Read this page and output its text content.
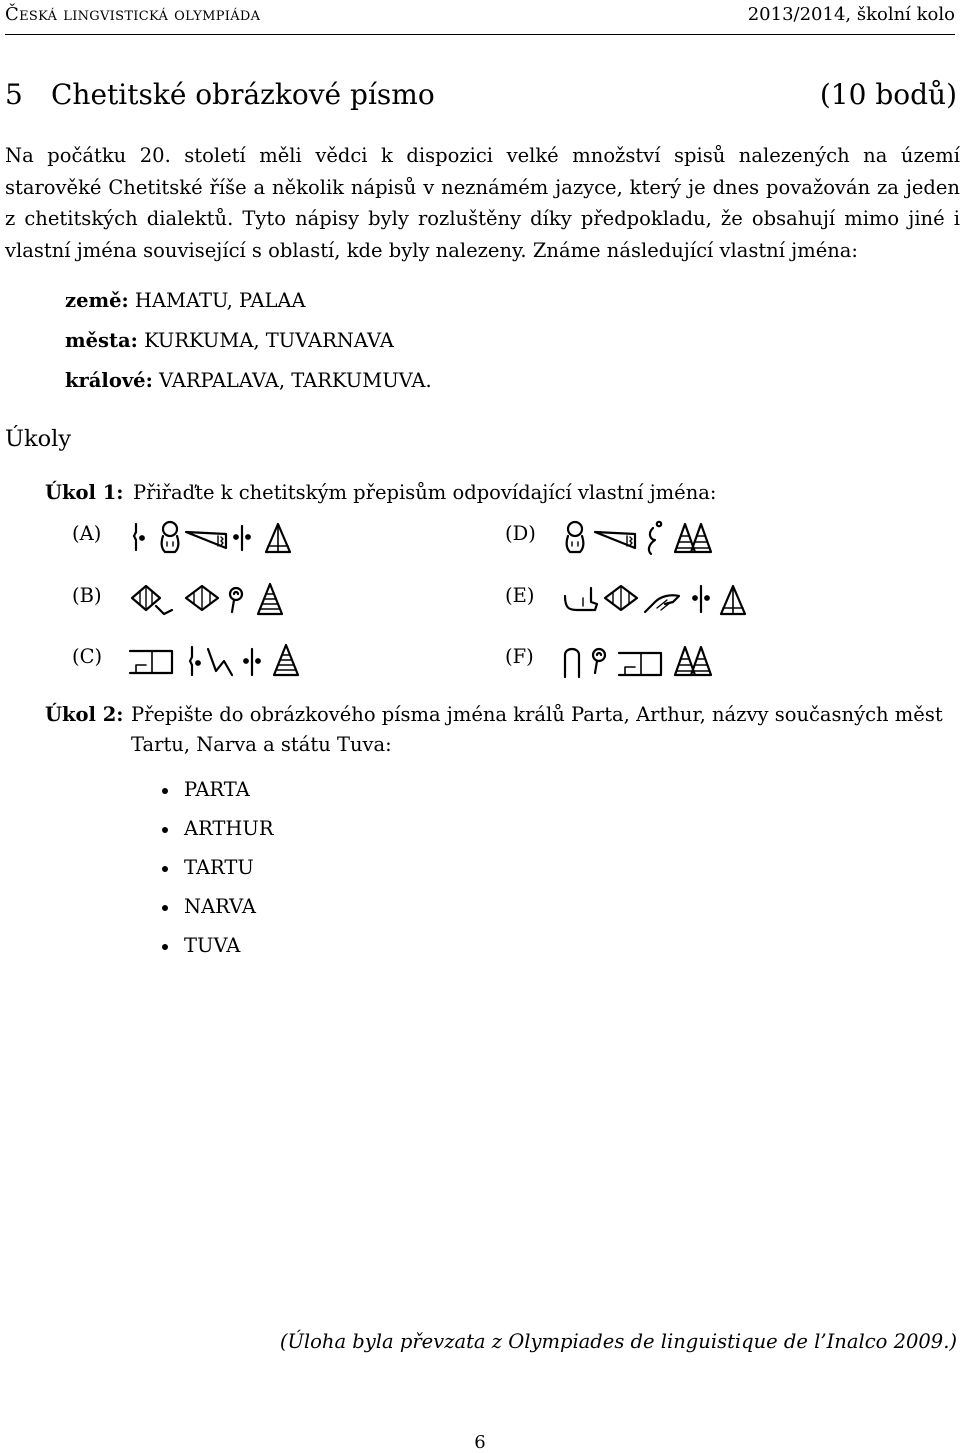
Česká lingvistická olympiáda	2013/2014, školní kolo
5 Chetitské obrázkové písmo	(10 bodů)
Na počátku 20. století měli vědci k dispozici velké množství spisů nalezených na území starověké Chetitské říše a několik nápisů v neznámém jazyce, který je dnes považován za jeden z chetitských dialektů. Tyto nápisy byly rozluštěny díky předpokladu, že obsahují mimo jiné i vlastní jména související s oblastí, kde byly nalezeny. Známe následující vlastní jména:
země: HAMATU, PALAA
města: KURKUMA, TUVARNAVA
králové: VARPALAVA, TARKUMUVA.
Úkoly
Úkol 1: Přiřaďte k chetitským přepisům odpovídající vlastní jména:
(A)
(B)
(C)
(D)
(E)
(F)
Úkol 2: Přepište do obrázkového písma jména králů Parta, Arthur, názvy současných měst Tartu, Narva a státu Tuva:
PARTA
ARTHUR
TARTU
NARVA
TUVA
(Úloha byla převzata z Olympiades de linguistique de l’Inalco 2009.)
6
